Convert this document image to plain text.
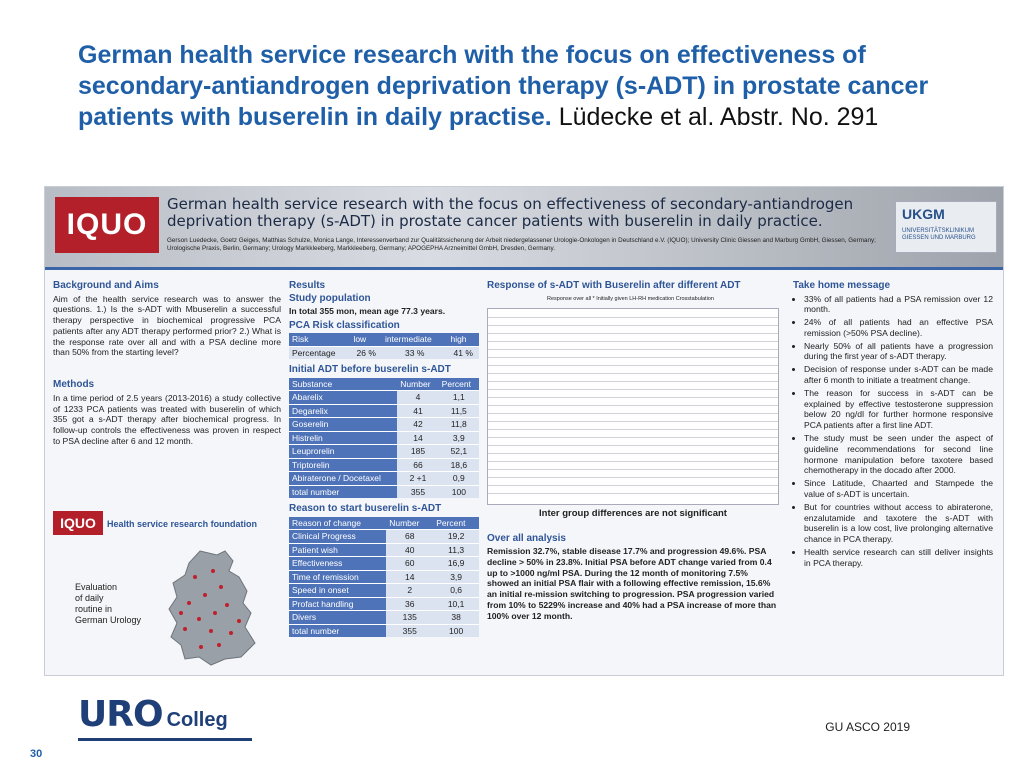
German health service research with the focus on effectiveness of secondary-antiandrogen deprivation therapy (s-ADT) in prostate cancer patients with buserelin in daily practise. Lüdecke et al. Abstr. No. 291
IQUO
German health service research with the focus on effectiveness of secondary-antiandrogen deprivation therapy (s-ADT) in prostate cancer patients with buserelin in daily practice.
Gerson Luedecke, Goetz Geiges, Matthias Schulze, Monica Lange, Interessenverband zur Qualitätssicherung der Arbeit niedergelassener Urologie-Onkologen in Deutschland e.V. (IQUO); University Clinic Giessen and Marburg GmbH, Giessen, Germany; Urologische Praxis, Berlin, Germany; Urology Markkleeberg, Markkleeberg, Germany; APOGEPHA Arzneimittel GmbH, Dresden, Germany.
UKGM
UNIVERSITÄTSKLINIKUM GIESSEN UND MARBURG
Background and Aims
Aim of the health service research was to answer the questions. 1.) Is the s-ADT with Mbuserelin a successful therapy perspective in biochemical progressive PCA patients after any ADT therapy performed prior? 2.) What is the response rate over all and with a PSA decline more than 50% from the starting level?
Methods
In a time period of 2.5 years (2013-2016) a study collective of 1233 PCA patients was treated with buserelin of which 355 got a s-ADT therapy after biochemical progress. In follow-up controls the effectiveness was proven in respect to PSA decline after 6 and 12 month.
IQUO	Health service research foundation
Evaluation
of daily
routine in
German Urology
Results
Study population
In total 355 mon, mean age 77.3 years.
PCA Risk classification
Risk	low	intermediate	high
Percentage	26 %	33 %	41 %
Initial ADT before buserelin s-ADT
Substance	Number	Percent
Abarelix	4	1,1
Degarelix	41	11,5
Goserelin	42	11,8
Histrelin	14	3,9
Leuprorelin	185	52,1
Triptorelin	66	18,6
Abiraterone / Docetaxel	2 +1	0,9
total number	355	100
Reason to start buserelin s-ADT
Reason of change	Number	Percent
Clinical Progress	68	19,2
Patient wish	40	11,3
Effectiveness	60	16,9
Time of remission	14	3,9
Speed in onset	2	0,6
Profact handling	36	10,1
Divers	135	38
total number	355	100
Response of s-ADT with Buserelin after different ADT
Response over all * Initially given LH-RH medication Crosstabulation
Inter group differences are not significant
Over all analysis
Remission 32.7%, stable disease 17.7% and progression 49.6%. PSA decline > 50% in 23.8%. Initial PSA before ADT change varied from 0.4 up to >1000 ng/ml PSA. During the 12 month of monitoring 7.5% showed an initial PSA flair with a following effective remission, 15.6% an initial re-mission switching to progression. PSA progression varied from 10% to 5229% increase and 40% had a PSA increase of more than 100% over 12 month.
Take home message
• 33% of all patients had a PSA remission over 12 month.
• 24% of all patients had an effective PSA remission (>50% PSA decline).
• Nearly 50% of all patients have a progression during the first year of s-ADT therapy.
• Decision of response under s-ADT can be made after 6 month to initiate a treatment change.
• The reason for success in s-ADT can be explained by effective testosterone suppression below 20 ng/dl for further hormone responsive PCA patients after a first line ADT.
• The study must be seen under the aspect of guideline recommendations for second line hormone manipulation before taxotere based chemotherapy in the docado after 2000.
• Since Latitude, Chaarted and Stampede the value of s-ADT is uncertain.
• But for countries without access to abiraterone, enzalutamide and taxotere the s-ADT with buserelin is a low cost, live prolonging alternative chance in PCA therapy.
• Health service research can still deliver insights in PCA therapy.
URO Colleg	GU ASCO 2019
30
